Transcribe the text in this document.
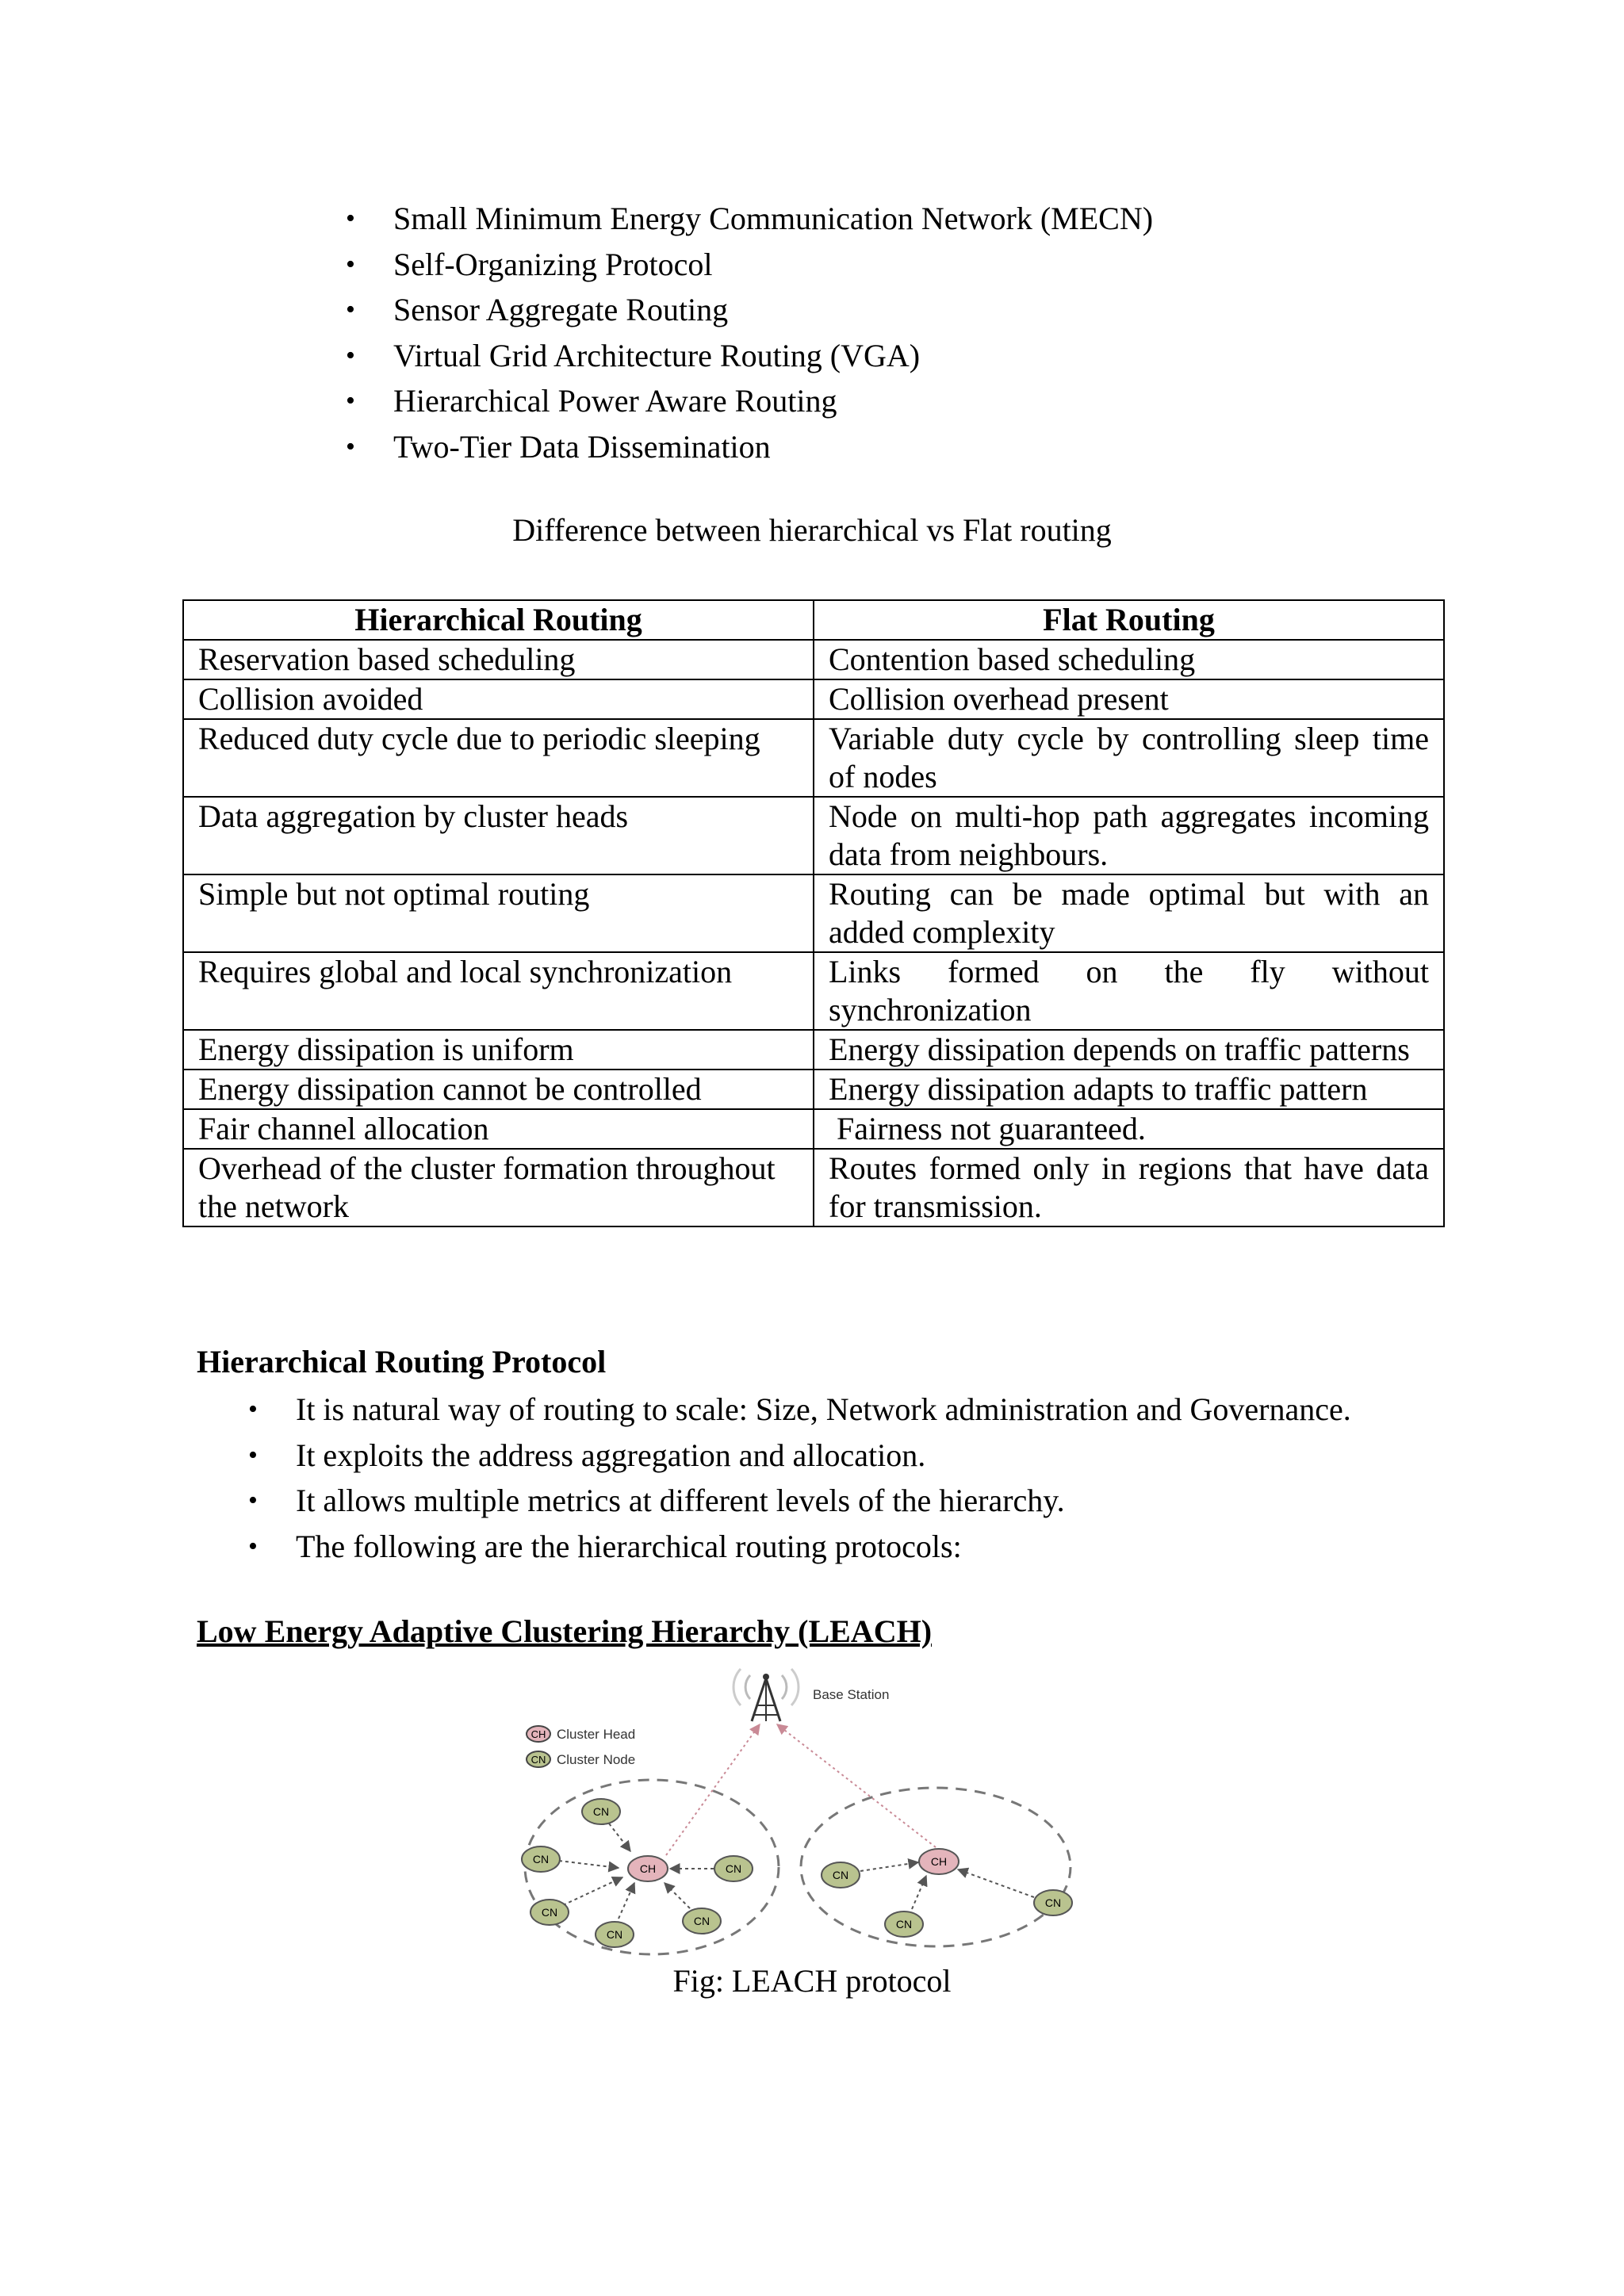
• Small Minimum Energy Communication Network (MECN)
• Self-Organizing Protocol
• Sensor Aggregate Routing
• Virtual Grid Architecture Routing (VGA)
• Hierarchical Power Aware Routing
• Two-Tier Data Dissemination
Difference between hierarchical vs Flat routing
Hierarchical Routing	Flat Routing
Reservation based scheduling	Contention based scheduling
Collision avoided	Collision overhead present
Reduced duty cycle due to periodic sleeping	Variable duty cycle by controlling sleep time of nodes
Data aggregation by cluster heads	Node on multi-hop path aggregates incoming data from neighbours.
Simple but not optimal routing	Routing can be made optimal but with an added complexity
Requires global and local synchronization	Links formed on the fly without synchronization
Energy dissipation is uniform	Energy dissipation depends on traffic patterns
Energy dissipation cannot be controlled	Energy dissipation adapts to traffic pattern
Fair channel allocation	Fairness not guaranteed.
Overhead of the cluster formation throughout the network	Routes formed only in regions that have data for transmission.
Hierarchical Routing Protocol
• It is natural way of routing to scale: Size, Network administration and Governance.
• It exploits the address aggregation and allocation.
• It allows multiple metrics at different levels of the hierarchy.
• The following are the hierarchical routing protocols:
Low Energy Adaptive Clustering Hierarchy (LEACH)
Base Station
CH Cluster Head
CN Cluster Node
CH
CH
CN
CN
CN
CN
CN
CN
CN
CN
CN
Fig: LEACH protocol
